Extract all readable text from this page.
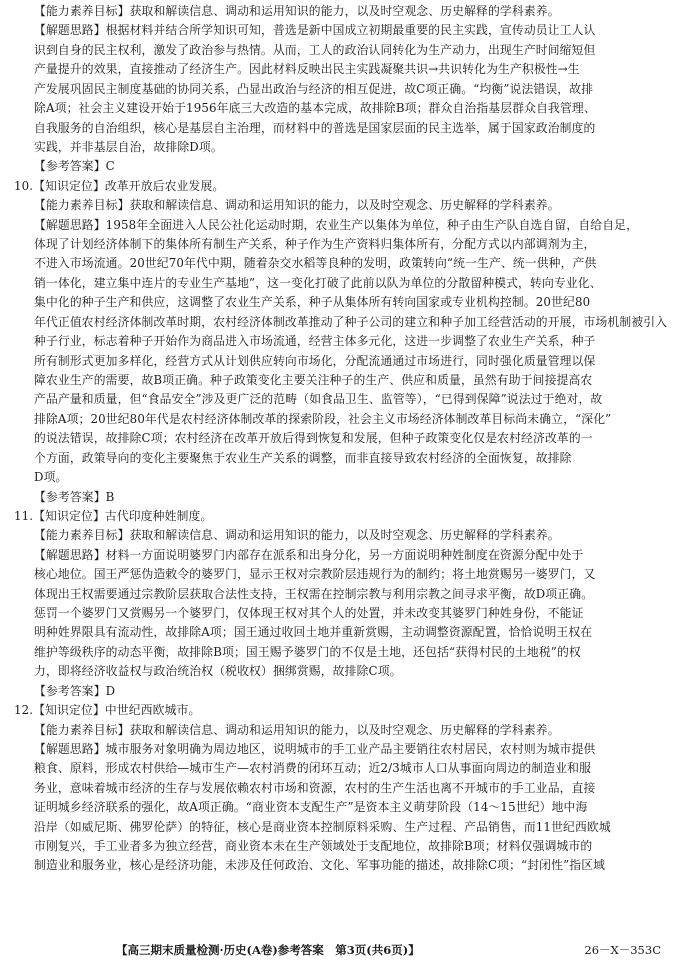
【能力素养目标】获取和解读信息、调动和运用知识的能力，以及时空观念、历史解释的学科素养。
【解题思路】根据材料并结合所学知识可知，普选是新中国成立初期最重要的民主实践，宣传动员让工人认
识到自身的民主权利，激发了政治参与热情。从而，工人的政治认同转化为生产动力，出现生产时间缩短但
产量提升的效果，直接推动了经济生产。因此材料反映出民主实践凝聚共识→共识转化为生产积极性→生
产发展巩固民主制度基础的协同关系，凸显出政治与经济的相互促进，故C项正确。“均衡”说法错误，故排
除A项；社会主义建设开始于1956年底三大改造的基本完成，故排除B项；群众自治指基层群众自我管理、
自我服务的自治组织，核心是基层自主治理，而材料中的普选是国家层面的民主选举，属于国家政治制度的
实践，并非基层自治，故排除D项。
【参考答案】C
10.【知识定位】改革开放后农业发展。
【能力素养目标】获取和解读信息、调动和运用知识的能力，以及时空观念、历史解释的学科素养。
【解题思路】1958年全面进入人民公社化运动时期，农业生产以集体为单位，种子由生产队自选自留，自给自足，
体现了计划经济体制下的集体所有制生产关系，种子作为生产资料归集体所有，分配方式以内部调剂为主，
不进入市场流通。20世纪70年代中期，随着杂交水稻等良种的发明，政策转向“统一生产、统一供种，产供
销一体化，建立集中连片的专业生产基地”，这一变化打破了此前以队为单位的分散留种模式，转向专业化、
集中化的种子生产和供应，这调整了农业生产关系，种子从集体所有转向国家或专业机构控制。20世纪80
年代正值农村经济体制改革时期，农村经济体制改革推动了种子公司的建立和种子加工经营活动的开展，市场机制被引入
种子行业，标志着种子开始作为商品进入市场流通，经营主体多元化，这进一步调整了农业生产关系，种子
所有制形式更加多样化，经营方式从计划供应转向市场化，分配流通通过市场进行，同时强化质量管理以保
障农业生产的需要，故B项正确。种子政策变化主要关注种子的生产、供应和质量，虽然有助于间接提高农
产品产量和质量，但“食品安全”涉及更广泛的范畴（如食品卫生、监管等），“已得到保障”说法过于绝对，故
排除A项；20世纪80年代是农村经济体制改革的探索阶段，社会主义市场经济体制改革目标尚未确立，“深化”
的说法错误，故排除C项；农村经济在改革开放后得到恢复和发展，但种子政策变化仅是农村经济改革的一
个方面，政策导向的变化主要聚焦于农业生产关系的调整，而非直接导致农村经济的全面恢复，故排除
D项。
【参考答案】B
11.【知识定位】古代印度种姓制度。
【能力素养目标】获取和解读信息、调动和运用知识的能力，以及时空观念、历史解释的学科素养。
【解题思路】材料一方面说明婆罗门内部存在派系和出身分化，另一方面说明种姓制度在资源分配中处于
核心地位。国王严惩伪造敕令的婆罗门，显示王权对宗教阶层违规行为的制约；将土地赏赐另一婆罗门，又
体现出王权需要通过宗教阶层获取合法性支持，王权需在控制宗教与利用宗教之间寻求平衡，故D项正确。
惩罚一个婆罗门又赏赐另一个婆罗门，仅体现王权对其个人的处置，并未改变其婆罗门种姓身份，不能证
明种姓界限具有流动性，故排除A项；国王通过收回土地并重新赏赐，主动调整资源配置，恰恰说明王权在
维护等级秩序的动态平衡，故排除B项；国王赐予婆罗门的不仅是土地，还包括“获得村民的土地税”的权
力，即将经济收益权与政治统治权（税收权）捆绑赏赐，故排除C项。
【参考答案】D
12.【知识定位】中世纪西欧城市。
【能力素养目标】获取和解读信息、调动和运用知识的能力，以及时空观念、历史解释的学科素养。
【解题思路】城市服务对象明确为周边地区，说明城市的手工业产品主要销往农村居民，农村则为城市提供
粮食、原料，形成农村供给—城市生产—农村消费的闭环互动；近2/3城市人口从事面向周边的制造业和服
务业，意味着城市经济的生存与发展依赖农村市场和资源，农村的生产生活也离不开城市的手工业品，直接
证明城乡经济联系的强化，故A项正确。“商业资本支配生产”是资本主义萌芽阶段（14～15世纪）地中海
沿岸（如威尼斯、佛罗伦萨）的特征，核心是商业资本控制原料采购、生产过程、产品销售，而11世纪西欧城
市刚复兴，手工业者多为独立经营，商业资本未在生产领域处于支配地位，故排除B项；材料仅强调城市的
制造业和服务业，核心是经济功能，未涉及任何政治、文化、军事功能的描述，故排除C项；“封闭性”指区域
【高三期末质量检测·历史(A卷)参考答案　第3页(共6页)】	26－X－353C
